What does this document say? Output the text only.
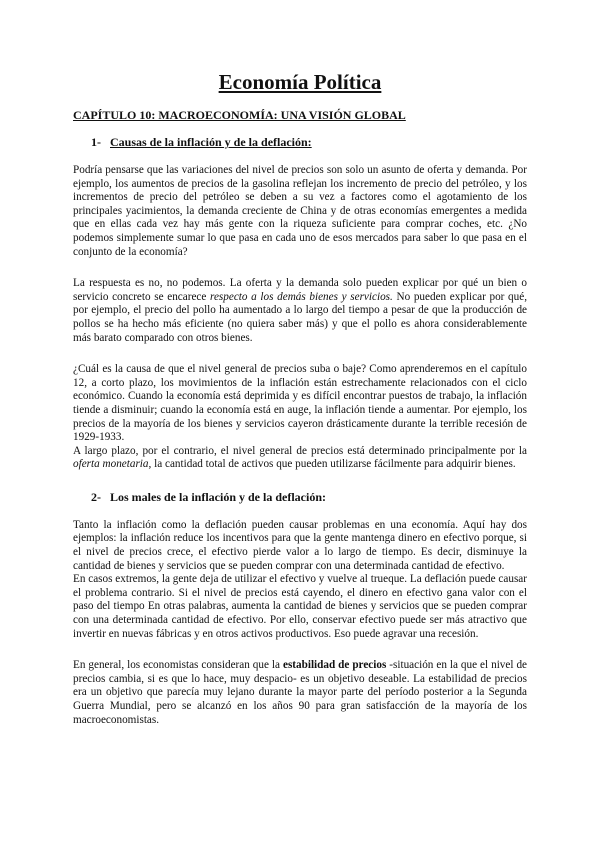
Economía Política
CAPÍTULO 10: MACROECONOMÍA: UNA VISIÓN GLOBAL
1- Causas de la inflación y de la deflación:

Podría pensarse que las variaciones del nivel de precios son solo un asunto de oferta y demanda. Por ejemplo, los aumentos de precios de la gasolina reflejan los incremento de precio del petróleo, y los incrementos de precio del petróleo se deben a su vez a factores como el agotamiento de los principales yacimientos, la demanda creciente de China y de otras economías emergentes a medida que en ellas cada vez hay más gente con la riqueza suficiente para comprar coches, etc. ¿No podemos simplemente sumar lo que pasa en cada uno de esos mercados para saber lo que pasa en el conjunto de la economía?

La respuesta es no, no podemos. La oferta y la demanda solo pueden explicar por qué un bien o servicio concreto se encarece respecto a los demás bienes y servicios. No pueden explicar por qué, por ejemplo, el precio del pollo ha aumentado a lo largo del tiempo a pesar de que la producción de pollos se ha hecho más eficiente (no quiera saber más) y que el pollo es ahora considerablemente más barato comparado con otros bienes.

¿Cuál es la causa de que el nivel general de precios suba o baje? Como aprenderemos en el capítulo 12, a corto plazo, los movimientos de la inflación están estrechamente relacionados con el ciclo económico. Cuando la economía está deprimida y es difícil encontrar puestos de trabajo, la inflación tiende a disminuir; cuando la economía está en auge, la inflación tiende a aumentar. Por ejemplo, los precios de la mayoría de los bienes y servicios cayeron drásticamente durante la terrible recesión de 1929-1933.

A largo plazo, por el contrario, el nivel general de precios está determinado principalmente por la oferta monetaria, la cantidad total de activos que pueden utilizarse fácilmente para adquirir bienes.

2- Los males de la inflación y de la deflación:

Tanto la inflación como la deflación pueden causar problemas en una economía. Aquí hay dos ejemplos: la inflación reduce los incentivos para que la gente mantenga dinero en efectivo porque, si el nivel de precios crece, el efectivo pierde valor a lo largo de tiempo. Es decir, disminuye la cantidad de bienes y servicios que se pueden comprar con una determinada cantidad de efectivo.

En casos extremos, la gente deja de utilizar el efectivo y vuelve al trueque. La deflación puede causar el problema contrario. Si el nivel de precios está cayendo, el dinero en efectivo gana valor con el paso del tiempo En otras palabras, aumenta la cantidad de bienes y servicios que se pueden comprar con una determinada cantidad de efectivo. Por ello, conservar efectivo puede ser más atractivo que invertir en nuevas fábricas y en otros activos productivos. Eso puede agravar una recesión.

En general, los economistas consideran que la estabilidad de precios -situación en la que el nivel de precios cambia, si es que lo hace, muy despacio- es un objetivo deseable. La estabilidad de precios era un objetivo que parecía muy lejano durante la mayor parte del período posterior a la Segunda Guerra Mundial, pero se alcanzó en los años 90 para gran satisfacción de la mayoría de los macroeconomistas.
